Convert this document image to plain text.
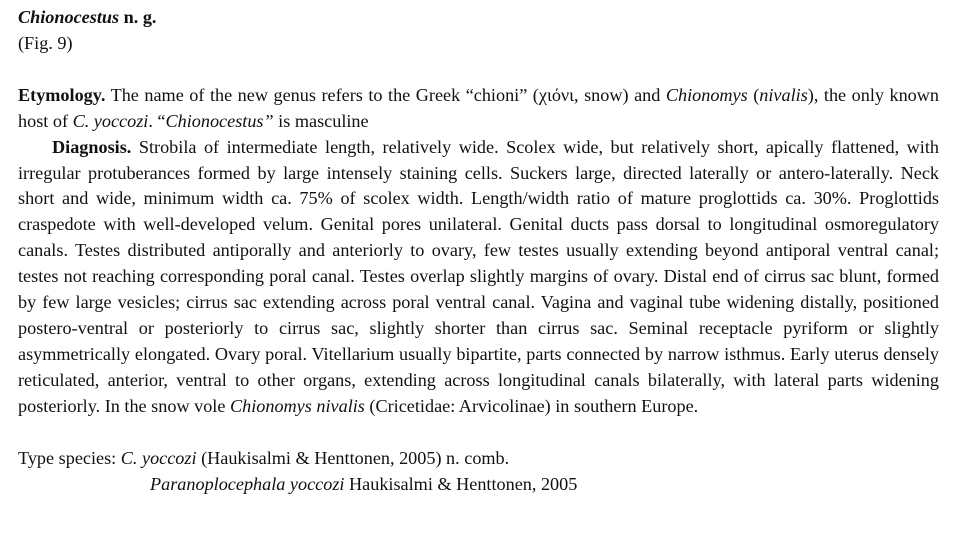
Chionocestus n. g.

(Fig. 9)

Etymology. The name of the new genus refers to the Greek “chioni” (χιόνι, snow) and Chionomys (nivalis), the only known host of C. yoccozi. “Chionocestus” is masculine

Diagnosis. Strobila of intermediate length, relatively wide. Scolex wide, but relatively short, apically flattened, with irregular protuberances formed by large intensely staining cells. Suckers large, directed laterally or antero-laterally. Neck short and wide, minimum width ca. 75% of scolex width. Length/width ratio of mature proglottids ca. 30%. Proglottids craspedote with well-developed velum. Genital pores unilateral. Genital ducts pass dorsal to longitudinal osmoregulatory canals. Testes distributed antiporally and anteriorly to ovary, few testes usually extending beyond antiporal ventral canal; testes not reaching corresponding poral canal. Testes overlap slightly margins of ovary. Distal end of cirrus sac blunt, formed by few large vesicles; cirrus sac extending across poral ventral canal. Vagina and vaginal tube widening distally, positioned postero-ventral or posteriorly to cirrus sac, slightly shorter than cirrus sac. Seminal receptacle pyriform or slightly asymmetrically elongated. Ovary poral. Vitellarium usually bipartite, parts connected by narrow isthmus. Early uterus densely reticulated, anterior, ventral to other organs, extending across longitudinal canals bilaterally, with lateral parts widening posteriorly. In the snow vole Chionomys nivalis (Cricetidae: Arvicolinae) in southern Europe.

Type species: C. yoccozi (Haukisalmi & Henttonen, 2005) n. comb.

Paranoplocephala yoccozi Haukisalmi & Henttonen, 2005
